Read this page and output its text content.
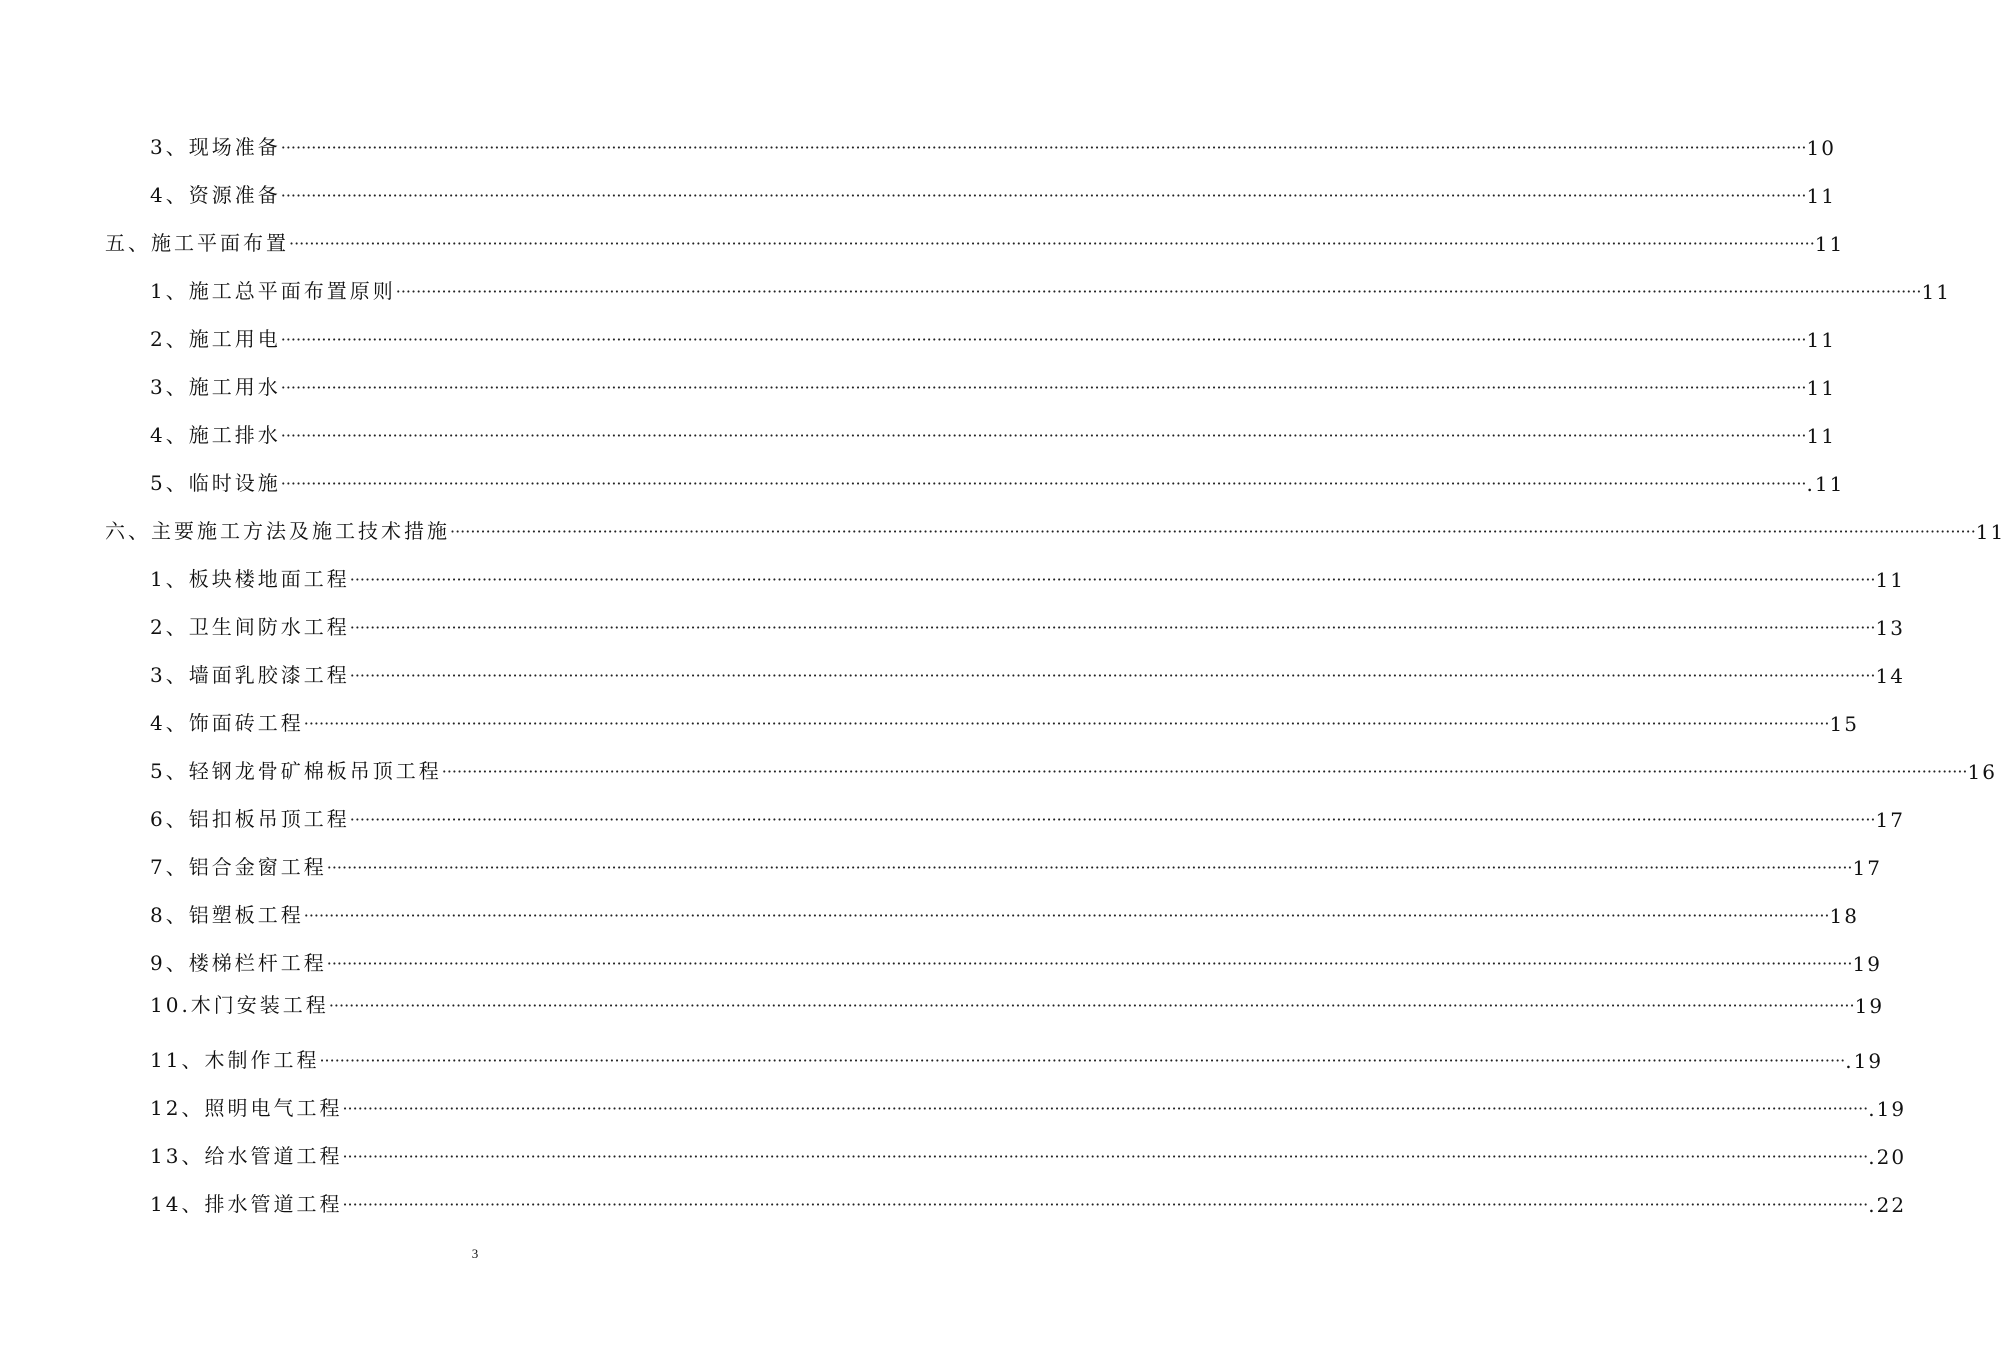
3、现场准备 ············································································································································································································································································································ 10
4、资源准备 ············································································································································································································································································································ 11
五、施工平面布置 ············································································································································································································································································································ 11
1、施工总平面布置原则 ············································································································································································································································································································ 11
2、施工用电 ············································································································································································································································································································ 11
3、施工用水 ············································································································································································································································································································ 11
4、施工排水 ············································································································································································································································································································ 11
5、临时设施 ············································································································································································································································································································ .11
六、主要施工方法及施工技术措施 ············································································································································································································································································································ 11
1、板块楼地面工程 ············································································································································································································································································································ 11
2、卫生间防水工程 ············································································································································································································································································································ 13
3、墙面乳胶漆工程 ············································································································································································································································································································ 14
4、饰面砖工程 ············································································································································································································································································································ 15
5、轻钢龙骨矿棉板吊顶工程 ············································································································································································································································································································ 16
6、铝扣板吊顶工程 ············································································································································································································································································································ 17
7、铝合金窗工程 ············································································································································································································································································································ 17
8、铝塑板工程 ············································································································································································································································································································ 18
9、楼梯栏杆工程 ············································································································································································································································································································ 19
10.木门安装工程 ············································································································································································································································································································ 19
11、木制作工程 ············································································································································································································································································································ .19
12、照明电气工程 ············································································································································································································································································································ .19
13、给水管道工程 ············································································································································································································································································································ .20
14、排水管道工程 ············································································································································································································································································································ .22
3
